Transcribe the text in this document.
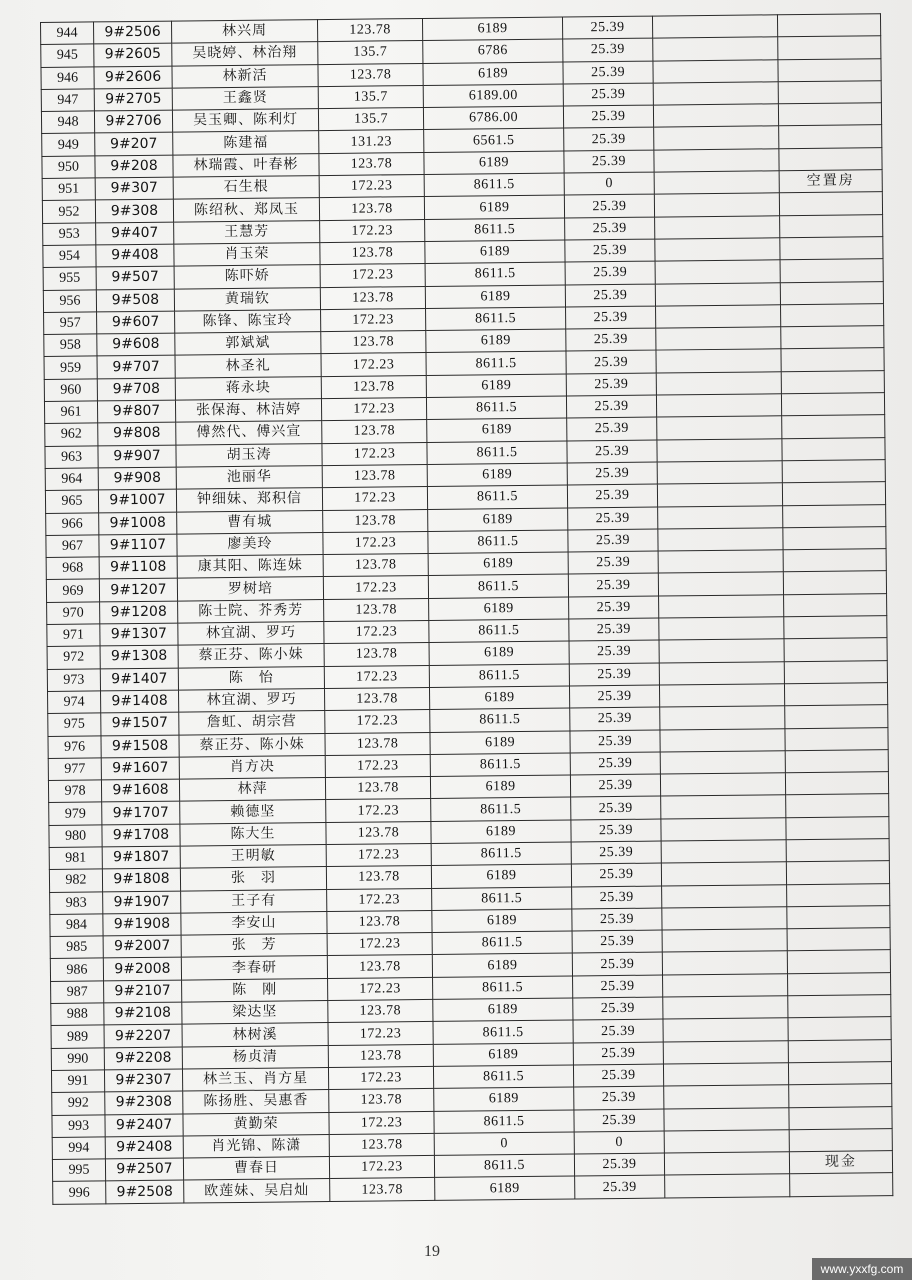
944	9#2506	林兴周	123.78	6189	25.39		
945	9#2605	吴晓婷、林治翔	135.7	6786	25.39		
946	9#2606	林新活	123.78	6189	25.39		
947	9#2705	王鑫贤	135.7	6189.00	25.39		
948	9#2706	吴玉卿、陈利灯	135.7	6786.00	25.39		
949	9#207	陈建福	131.23	6561.5	25.39		
950	9#208	林瑞霞、叶春彬	123.78	6189	25.39		
951	9#307	石生根	172.23	8611.5	0		空置房
952	9#308	陈绍秋、郑凤玉	123.78	6189	25.39		
953	9#407	王慧芳	172.23	8611.5	25.39		
954	9#408	肖玉荣	123.78	6189	25.39		
955	9#507	陈吓娇	172.23	8611.5	25.39		
956	9#508	黄瑞钦	123.78	6189	25.39		
957	9#607	陈锋、陈宝玲	172.23	8611.5	25.39		
958	9#608	郭斌斌	123.78	6189	25.39		
959	9#707	林圣礼	172.23	8611.5	25.39		
960	9#708	蒋永块	123.78	6189	25.39		
961	9#807	张保海、林洁婷	172.23	8611.5	25.39		
962	9#808	傅然代、傅兴宣	123.78	6189	25.39		
963	9#907	胡玉涛	172.23	8611.5	25.39		
964	9#908	池丽华	123.78	6189	25.39		
965	9#1007	钟细妹、郑积信	172.23	8611.5	25.39		
966	9#1008	曹有城	123.78	6189	25.39		
967	9#1107	廖美玲	172.23	8611.5	25.39		
968	9#1108	康其阳、陈连妹	123.78	6189	25.39		
969	9#1207	罗树培	172.23	8611.5	25.39		
970	9#1208	陈士院、芥秀芳	123.78	6189	25.39		
971	9#1307	林宜湖、罗巧	172.23	8611.5	25.39		
972	9#1308	蔡正芬、陈小妹	123.78	6189	25.39		
973	9#1407	陈　怡	172.23	8611.5	25.39		
974	9#1408	林宜湖、罗巧	123.78	6189	25.39		
975	9#1507	詹虹、胡宗营	172.23	8611.5	25.39		
976	9#1508	蔡正芬、陈小妹	123.78	6189	25.39		
977	9#1607	肖方决	172.23	8611.5	25.39		
978	9#1608	林萍	123.78	6189	25.39		
979	9#1707	赖德坚	172.23	8611.5	25.39		
980	9#1708	陈大生	123.78	6189	25.39		
981	9#1807	王明敏	172.23	8611.5	25.39		
982	9#1808	张　羽	123.78	6189	25.39		
983	9#1907	王子有	172.23	8611.5	25.39		
984	9#1908	李安山	123.78	6189	25.39		
985	9#2007	张　芳	172.23	8611.5	25.39		
986	9#2008	李春研	123.78	6189	25.39		
987	9#2107	陈　刚	172.23	8611.5	25.39		
988	9#2108	梁达坚	123.78	6189	25.39		
989	9#2207	林树溪	172.23	8611.5	25.39		
990	9#2208	杨贞清	123.78	6189	25.39		
991	9#2307	林兰玉、肖方星	172.23	8611.5	25.39		
992	9#2308	陈扬胜、吴惠香	123.78	6189	25.39		
993	9#2407	黄勤荣	172.23	8611.5	25.39		
994	9#2408	肖光锦、陈潇	123.78	0	0		
995	9#2507	曹春日	172.23	8611.5	25.39		现金
996	9#2508	欧莲妹、吴启灿	123.78	6189	25.39		
19
www.yxxfg.com
